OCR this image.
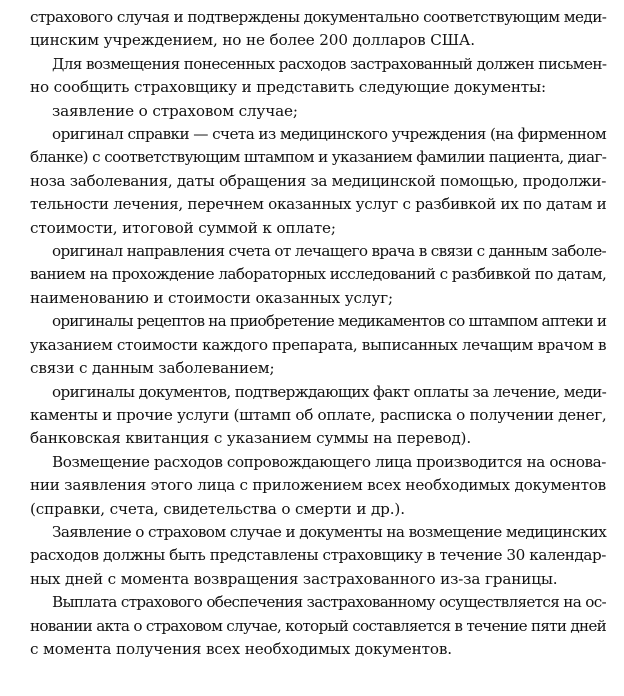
страхового случая и подтверждены документально соответствующим меди-
цинским учреждением, но не более 200 долларов США.
Для возмещения понесенных расходов застрахованный должен письмен-
но сообщить страховщику и представить следующие документы:
заявление о страховом случае;
оригинал справки — счета из медицинского учреждения (на фирменном
бланке) с соответствующим штампом и указанием фамилии пациента, диаг-
ноза заболевания, даты обращения за медицинской помощью, продолжи-
тельности лечения, перечнем оказанных услуг с разбивкой их по датам и
стоимости, итоговой суммой к оплате;
оригинал направления счета от лечащего врача в связи с данным заболе-
ванием на прохождение лабораторных исследований с разбивкой по датам,
наименованию и стоимости оказанных услуг;
оригиналы рецептов на приобретение медикаментов со штампом аптеки и
указанием стоимости каждого препарата, выписанных лечащим врачом в
связи с данным заболеванием;
оригиналы документов, подтверждающих факт оплаты за лечение, меди-
каменты и прочие услуги (штамп об оплате, расписка о получении денег,
банковская квитанция с указанием суммы на перевод).
Возмещение расходов сопровождающего лица производится на основа-
нии заявления этого лица с приложением всех необходимых документов
(справки, счета, свидетельства о смерти и др.).
Заявление о страховом случае и документы на возмещение медицинских
расходов должны быть представлены страховщику в течение 30 календар-
ных дней с момента возвращения застрахованного из-за границы.
Выплата страхового обеспечения застрахованному осуществляется на ос-
новании акта о страховом случае, который составляется в течение пяти дней
с момента получения всех необходимых документов.
